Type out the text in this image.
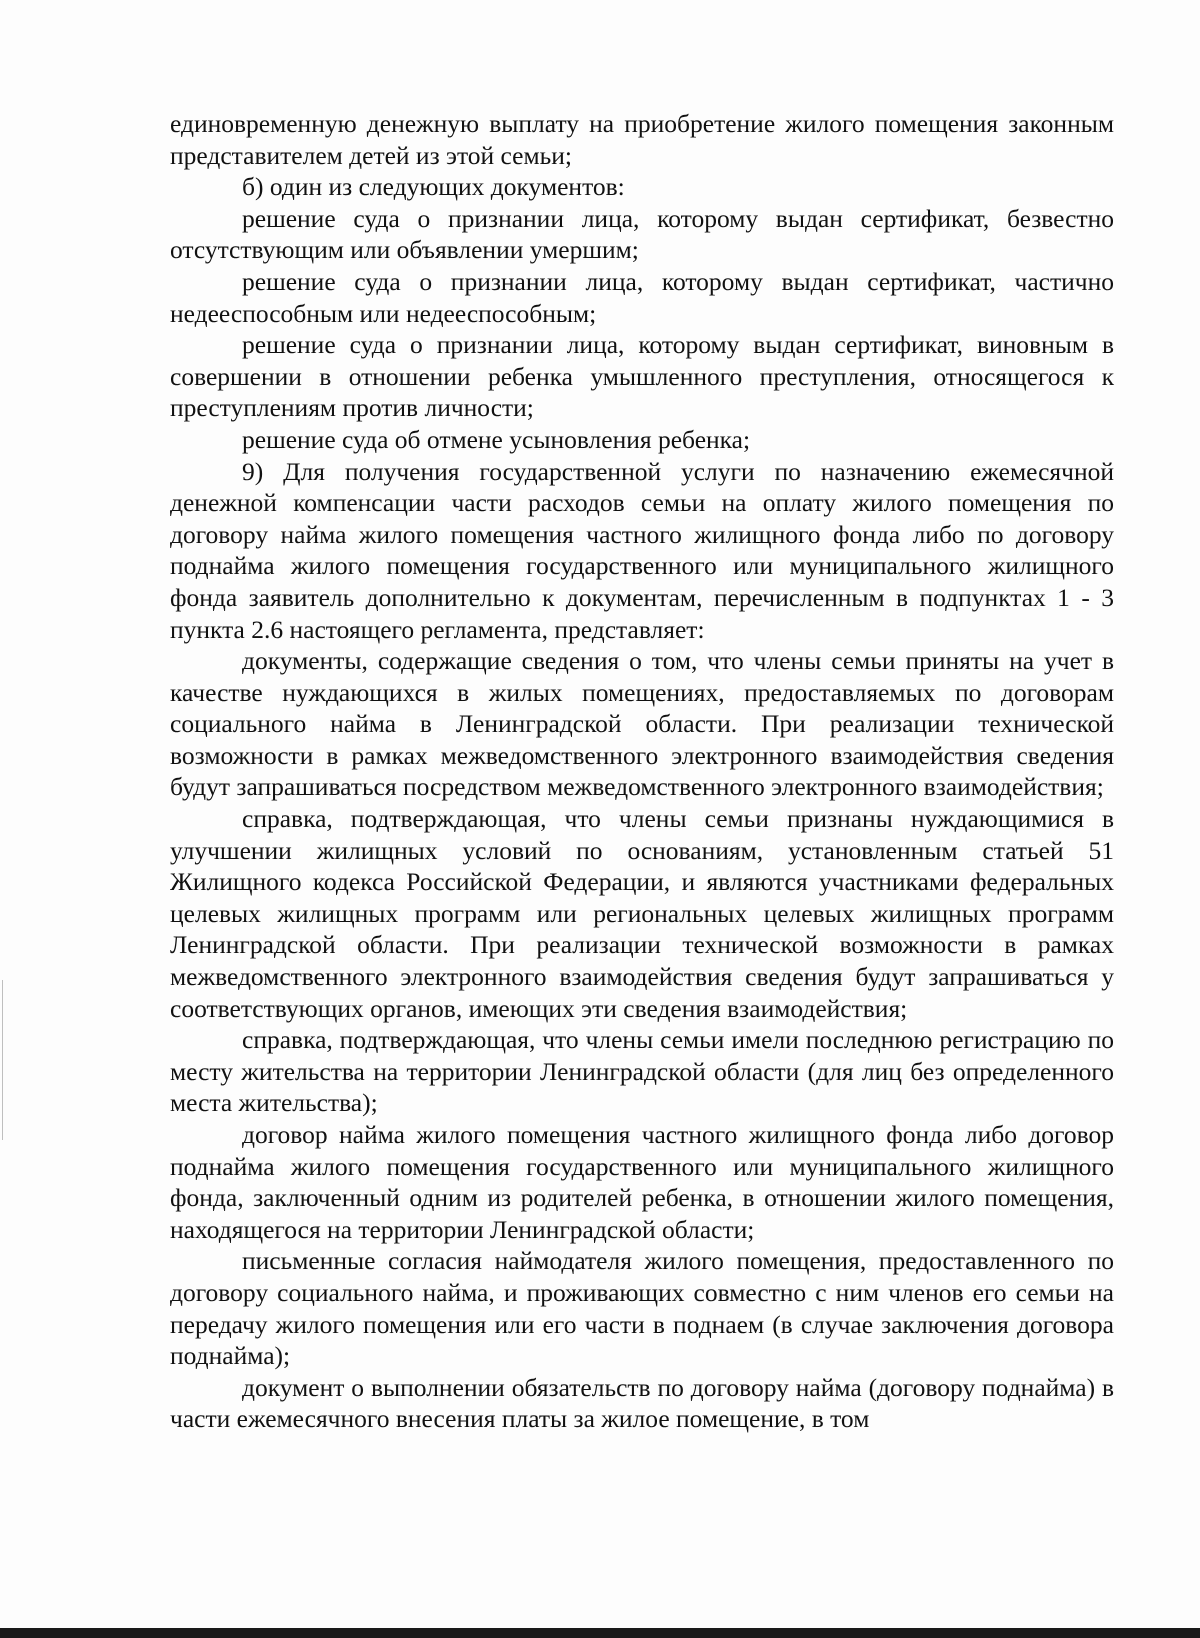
единовременную денежную выплату на приобретение жилого помещения законным представителем детей из этой семьи;

б) один из следующих документов:

решение суда о признании лица, которому выдан сертификат, безвестно отсутствующим или объявлении умершим;

решение суда о признании лица, которому выдан сертификат, частично недееспособным или недееспособным;

решение суда о признании лица, которому выдан сертификат, виновным в совершении в отношении ребенка умышленного преступления, относящегося к преступлениям против личности;

решение суда об отмене усыновления ребенка;

9) Для получения государственной услуги по назначению ежемесячной денежной компенсации части расходов семьи на оплату жилого помещения по договору найма жилого помещения частного жилищного фонда либо по договору поднайма жилого помещения государственного или муниципального жилищного фонда заявитель дополнительно к документам, перечисленным в подпунктах 1 - 3 пункта 2.6 настоящего регламента, представляет:

документы, содержащие сведения о том, что члены семьи приняты на учет в качестве нуждающихся в жилых помещениях, предоставляемых по договорам социального найма в Ленинградской области. При реализации технической возможности в рамках межведомственного электронного взаимодействия сведения будут запрашиваться посредством межведомственного электронного взаимодействия;

справка, подтверждающая, что члены семьи признаны нуждающимися в улучшении жилищных условий по основаниям, установленным статьей 51 Жилищного кодекса Российской Федерации, и являются участниками федеральных целевых жилищных программ или региональных целевых жилищных программ Ленинградской области. При реализации технической возможности в рамках межведомственного электронного взаимодействия сведения будут запрашиваться у соответствующих органов, имеющих эти сведения взаимодействия;

справка, подтверждающая, что члены семьи имели последнюю регистрацию по месту жительства на территории Ленинградской области (для лиц без определенного места жительства);

договор найма жилого помещения частного жилищного фонда либо договор поднайма жилого помещения государственного или муниципального жилищного фонда, заключенный одним из родителей ребенка, в отношении жилого помещения, находящегося на территории Ленинградской области;

письменные согласия наймодателя жилого помещения, предоставленного по договору социального найма, и проживающих совместно с ним членов его семьи на передачу жилого помещения или его части в поднаем (в случае заключения договора поднайма);

документ о выполнении обязательств по договору найма (договору поднайма) в части ежемесячного внесения платы за жилое помещение, в том
